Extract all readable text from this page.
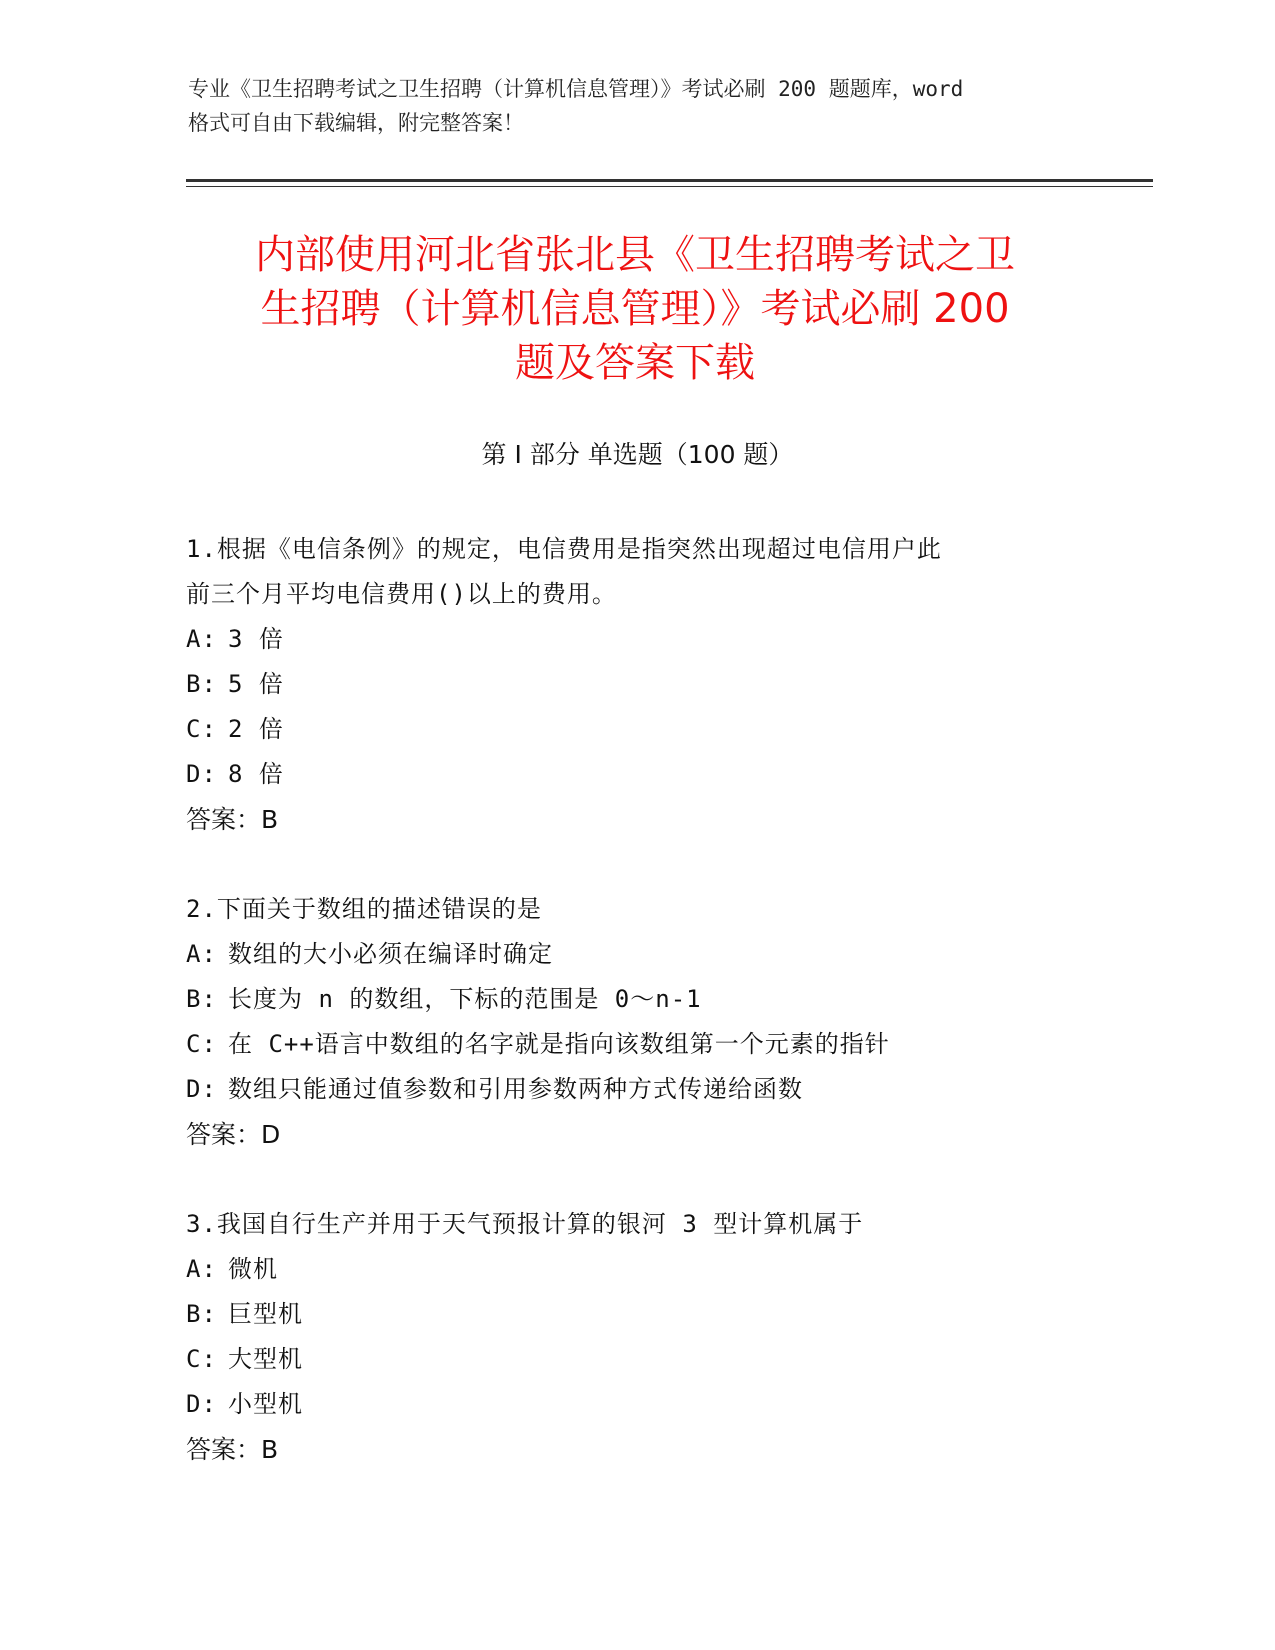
专业《卫生招聘考试之卫生招聘（计算机信息管理）》考试必刷 200 题题库，word
格式可自由下载编辑，附完整答案！
内部使用河北省张北县《卫生招聘考试之卫
生招聘（计算机信息管理）》考试必刷 200
题及答案下载
第 I 部分 单选题（100 题）

1.根据《电信条例》的规定，电信费用是指突然出现超过电信用户此

前三个月平均电信费用()以上的费用。

A: 3 倍

B: 5 倍

C: 2 倍

D: 8 倍

答案：B

2.下面关于数组的描述错误的是

A: 数组的大小必须在编译时确定

B: 长度为 n 的数组，下标的范围是 0～n-1

C: 在 C++语言中数组的名字就是指向该数组第一个元素的指针

D: 数组只能通过值参数和引用参数两种方式传递给函数

答案：D

3.我国自行生产并用于天气预报计算的银河 3 型计算机属于

A: 微机

B: 巨型机

C: 大型机

D: 小型机

答案：B
